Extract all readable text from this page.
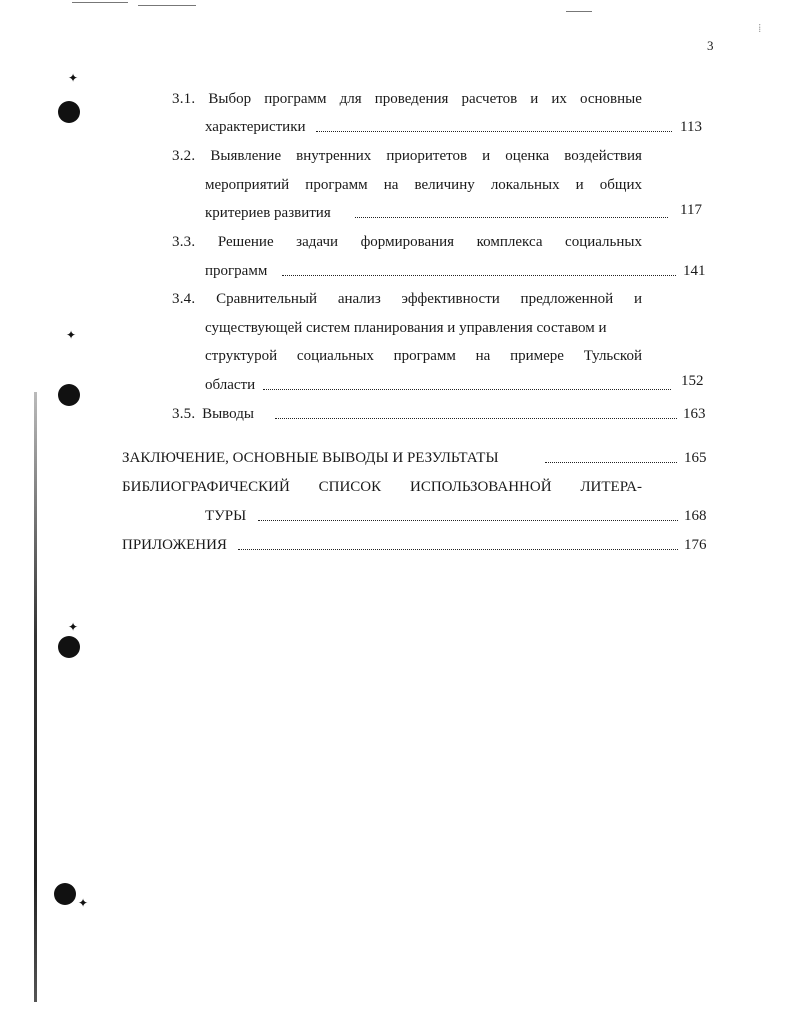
✦
✦
✦
✦
⁞
3
3.1. Выбор программ для проведения расчетов и их основные
характеристики	113
3.2. Выявление внутренних приоритетов и оценка воздействия
мероприятий программ на величину локальных и общих
критериев развития	117
3.3. Решение задачи формирования комплекса социальных
программ	141
3.4. Сравнительный анализ эффективности предложенной и
существующей систем планирования и управления составом и
структурой социальных программ на примере Тульской
области	152
3.5. Выводы	163
ЗАКЛЮЧЕНИЕ, ОСНОВНЫЕ ВЫВОДЫ И РЕЗУЛЬТАТЫ	165
БИБЛИОГРАФИЧЕСКИЙ СПИСОК ИСПОЛЬЗОВАННОЙ ЛИТЕРА-
ТУРЫ	168
ПРИЛОЖЕНИЯ	176
